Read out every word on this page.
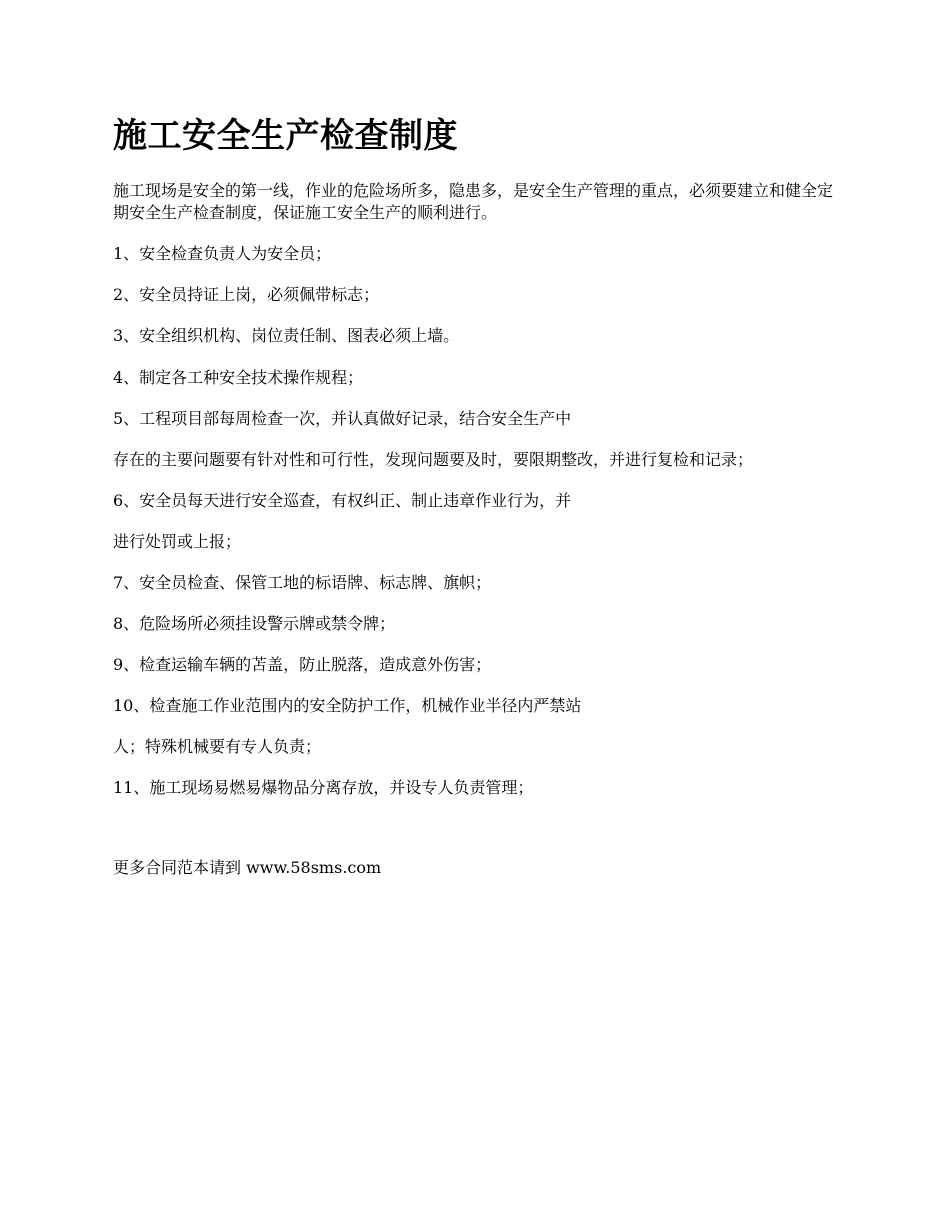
施工安全生产检查制度

施工现场是安全的第一线，作业的危险场所多，隐患多，是安全生产管理的重点，必须要建立和健全定期安全生产检查制度，保证施工安全生产的顺利进行。

1、安全检查负责人为安全员；

2、安全员持证上岗，必须佩带标志；

3、安全组织机构、岗位责任制、图表必须上墙。

4、制定各工种安全技术操作规程；

5、工程项目部每周检查一次，并认真做好记录，结合安全生产中

存在的主要问题要有针对性和可行性，发现问题要及时，要限期整改，并进行复检和记录；

6、安全员每天进行安全巡查，有权纠正、制止违章作业行为，并

进行处罚或上报；

7、安全员检查、保管工地的标语牌、标志牌、旗帜；

8、危险场所必须挂设警示牌或禁令牌；

9、检查运输车辆的苫盖，防止脱落，造成意外伤害；

10、检查施工作业范围内的安全防护工作，机械作业半径内严禁站

人；特殊机械要有专人负责；

11、施工现场易燃易爆物品分离存放，并设专人负责管理；

更多合同范本请到 www.58sms.com
